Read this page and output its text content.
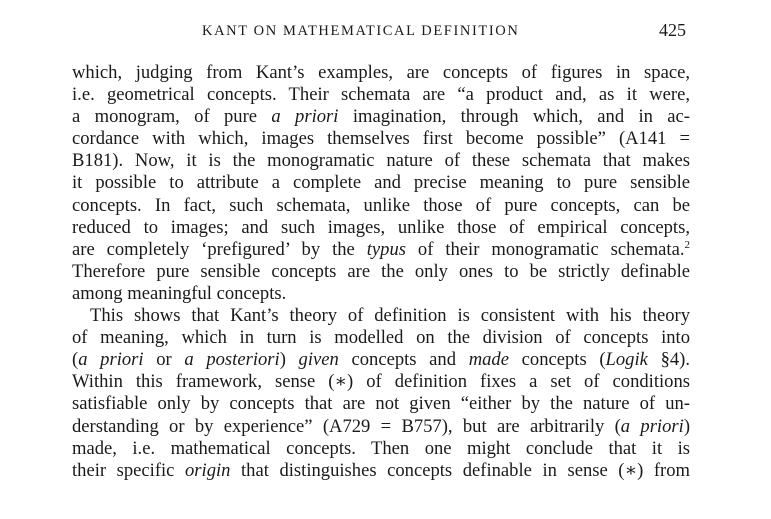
KANT ON MATHEMATICAL DEFINITION	425
which, judging from Kant’s examples, are concepts of figures in space,
i.e. geometrical concepts. Their schemata are “a product and, as it were,
a monogram, of pure a priori imagination, through which, and in ac-
cordance with which, images themselves first become possible” (A141 =
B181). Now, it is the monogramatic nature of these schemata that makes
it possible to attribute a complete and precise meaning to pure sensible
concepts. In fact, such schemata, unlike those of pure concepts, can be
reduced to images; and such images, unlike those of empirical concepts,
are completely ‘prefigured’ by the typus of their monogramatic schemata.$^2$
Therefore pure sensible concepts are the only ones to be strictly definable
among meaningful concepts.
This shows that Kant’s theory of definition is consistent with his theory
of meaning, which in turn is modelled on the division of concepts into
(a priori or a posteriori) given concepts and made concepts (Logik §4).
Within this framework, sense (∗) of definition fixes a set of conditions
satisfiable only by concepts that are not given “either by the nature of un-
derstanding or by experience” (A729 = B757), but are arbitrarily (a priori)
made, i.e. mathematical concepts. Then one might conclude that it is
their specific origin that distinguishes concepts definable in sense (∗) from
